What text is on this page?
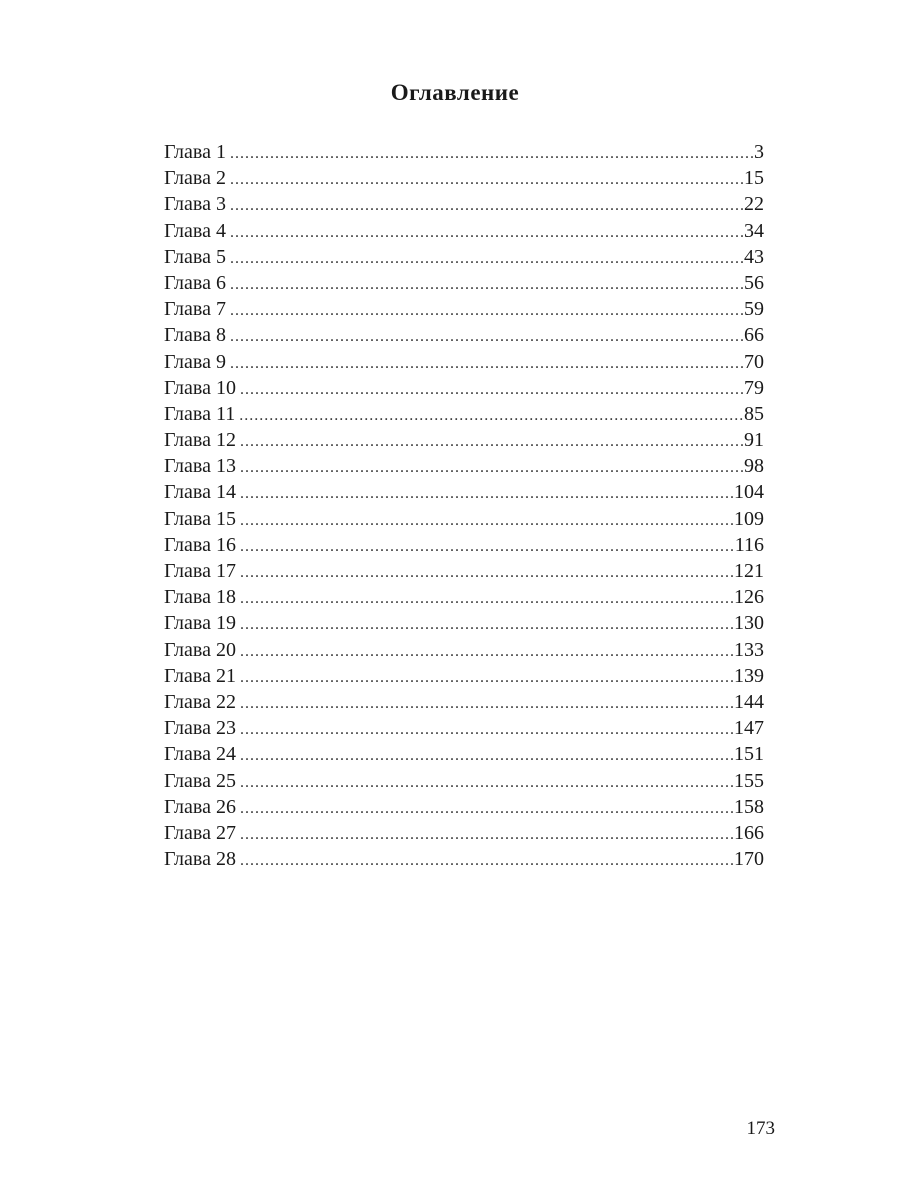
Оглавление
Глава 1 .....	3
Глава 2 .....	15
Глава 3 .....	22
Глава 4 .....	34
Глава 5 .....	43
Глава 6 .....	56
Глава 7 .....	59
Глава 8 .....	66
Глава 9 .....	70
Глава 10 .....	79
Глава 11 .....	85
Глава 12 .....	91
Глава 13 .....	98
Глава 14 .....	104
Глава 15 .....	109
Глава 16 .....	116
Глава 17 .....	121
Глава 18 .....	126
Глава 19 .....	130
Глава 20 .....	133
Глава 21 .....	139
Глава 22 .....	144
Глава 23 .....	147
Глава 24 .....	151
Глава 25 .....	155
Глава 26 .....	158
Глава 27 .....	166
Глава 28 .....	170

173
